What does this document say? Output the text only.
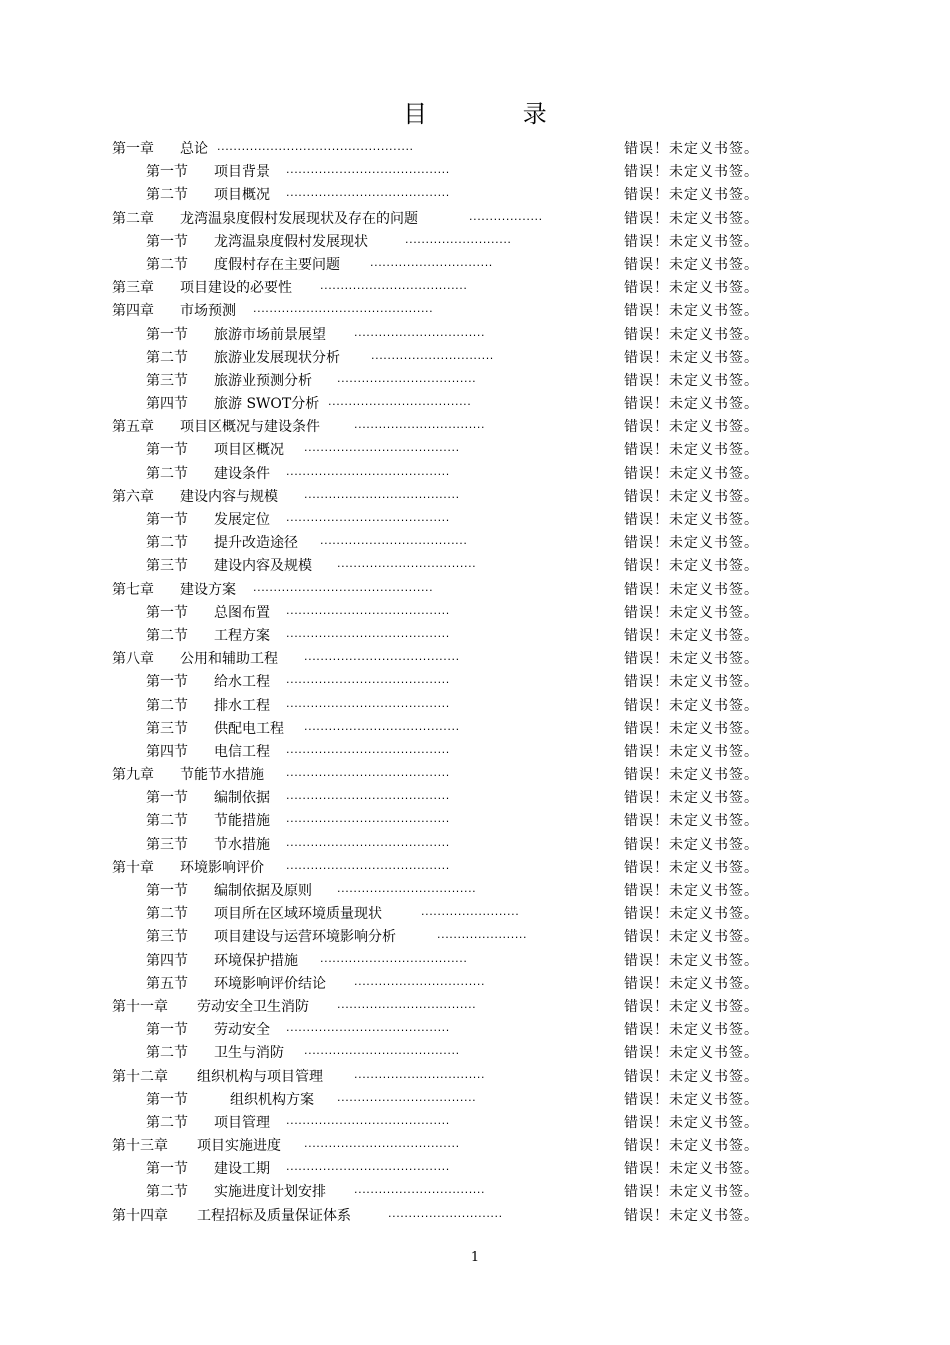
目 录
第一章 总论 ................................................	错误！未定义书签。
第一节 项目背景 ........................................	错误！未定义书签。
第二节 项目概况 ........................................	错误！未定义书签。
第二章 龙湾温泉度假村发展现状及存在的问题	..................	错误！未定义书签。
第一节 龙湾温泉度假村发展现状	..........................	错误！未定义书签。
第二节 度假村存在主要问题	..............................	错误！未定义书签。
第三章 项目建设的必要性	....................................	错误！未定义书签。
第四章 市场预测 ............................................	错误！未定义书签。
第一节 旅游市场前景展望	................................	错误！未定义书签。
第二节 旅游业发展现状分析	..............................	错误！未定义书签。
第三节 旅游业预测分析 ..................................	错误！未定义书签。
第四节 旅游 SWOT分析 ...................................	错误！未定义书签。
第五章 项目区概况与建设条件	................................	错误！未定义书签。
第一节 项目区概况 ......................................	错误！未定义书签。
第二节 建设条件 ........................................	错误！未定义书签。
第六章 建设内容与规模 ......................................	错误！未定义书签。
第一节 发展定位 ........................................	错误！未定义书签。
第二节 提升改造途径 ....................................	错误！未定义书签。
第三节 建设内容及规模 ..................................	错误！未定义书签。
第七章 建设方案 ............................................	错误！未定义书签。
第一节 总图布置 ........................................	错误！未定义书签。
第二节 工程方案 ........................................	错误！未定义书签。
第八章 公用和辅助工程 ......................................	错误！未定义书签。
第一节 给水工程 ........................................	错误！未定义书签。
第二节 排水工程 ........................................	错误！未定义书签。
第三节 供配电工程 ......................................	错误！未定义书签。
第四节 电信工程 ........................................	错误！未定义书签。
第九章 节能节水措施 ........................................	错误！未定义书签。
第一节 编制依据 ........................................	错误！未定义书签。
第二节 节能措施 ........................................	错误！未定义书签。
第三节 节水措施 ........................................	错误！未定义书签。
第十章 环境影响评价 ........................................	错误！未定义书签。
第一节 编制依据及原则 ..................................	错误！未定义书签。
第二节 项目所在区域环境质量现状	........................	错误！未定义书签。
第三节 项目建设与运营环境影响分析	......................	错误！未定义书签。
第四节 环境保护措施 ....................................	错误！未定义书签。
第五节 环境影响评价结论	................................	错误！未定义书签。
第十一章 劳动安全卫生消防	..................................	错误！未定义书签。
第一节 劳动安全 ........................................	错误！未定义书签。
第二节 卫生与消防 ......................................	错误！未定义书签。
第十二章 组织机构与项目管理	................................	错误！未定义书签。
第一节	组织机构方案 ..................................	错误！未定义书签。
第二节 项目管理 ........................................	错误！未定义书签。
第十三章 项目实施进度 ......................................	错误！未定义书签。
第一节 建设工期 ........................................	错误！未定义书签。
第二节 实施进度计划安排	................................	错误！未定义书签。
第十四章 工程招标及质量保证体系	............................	错误！未定义书签。
1
